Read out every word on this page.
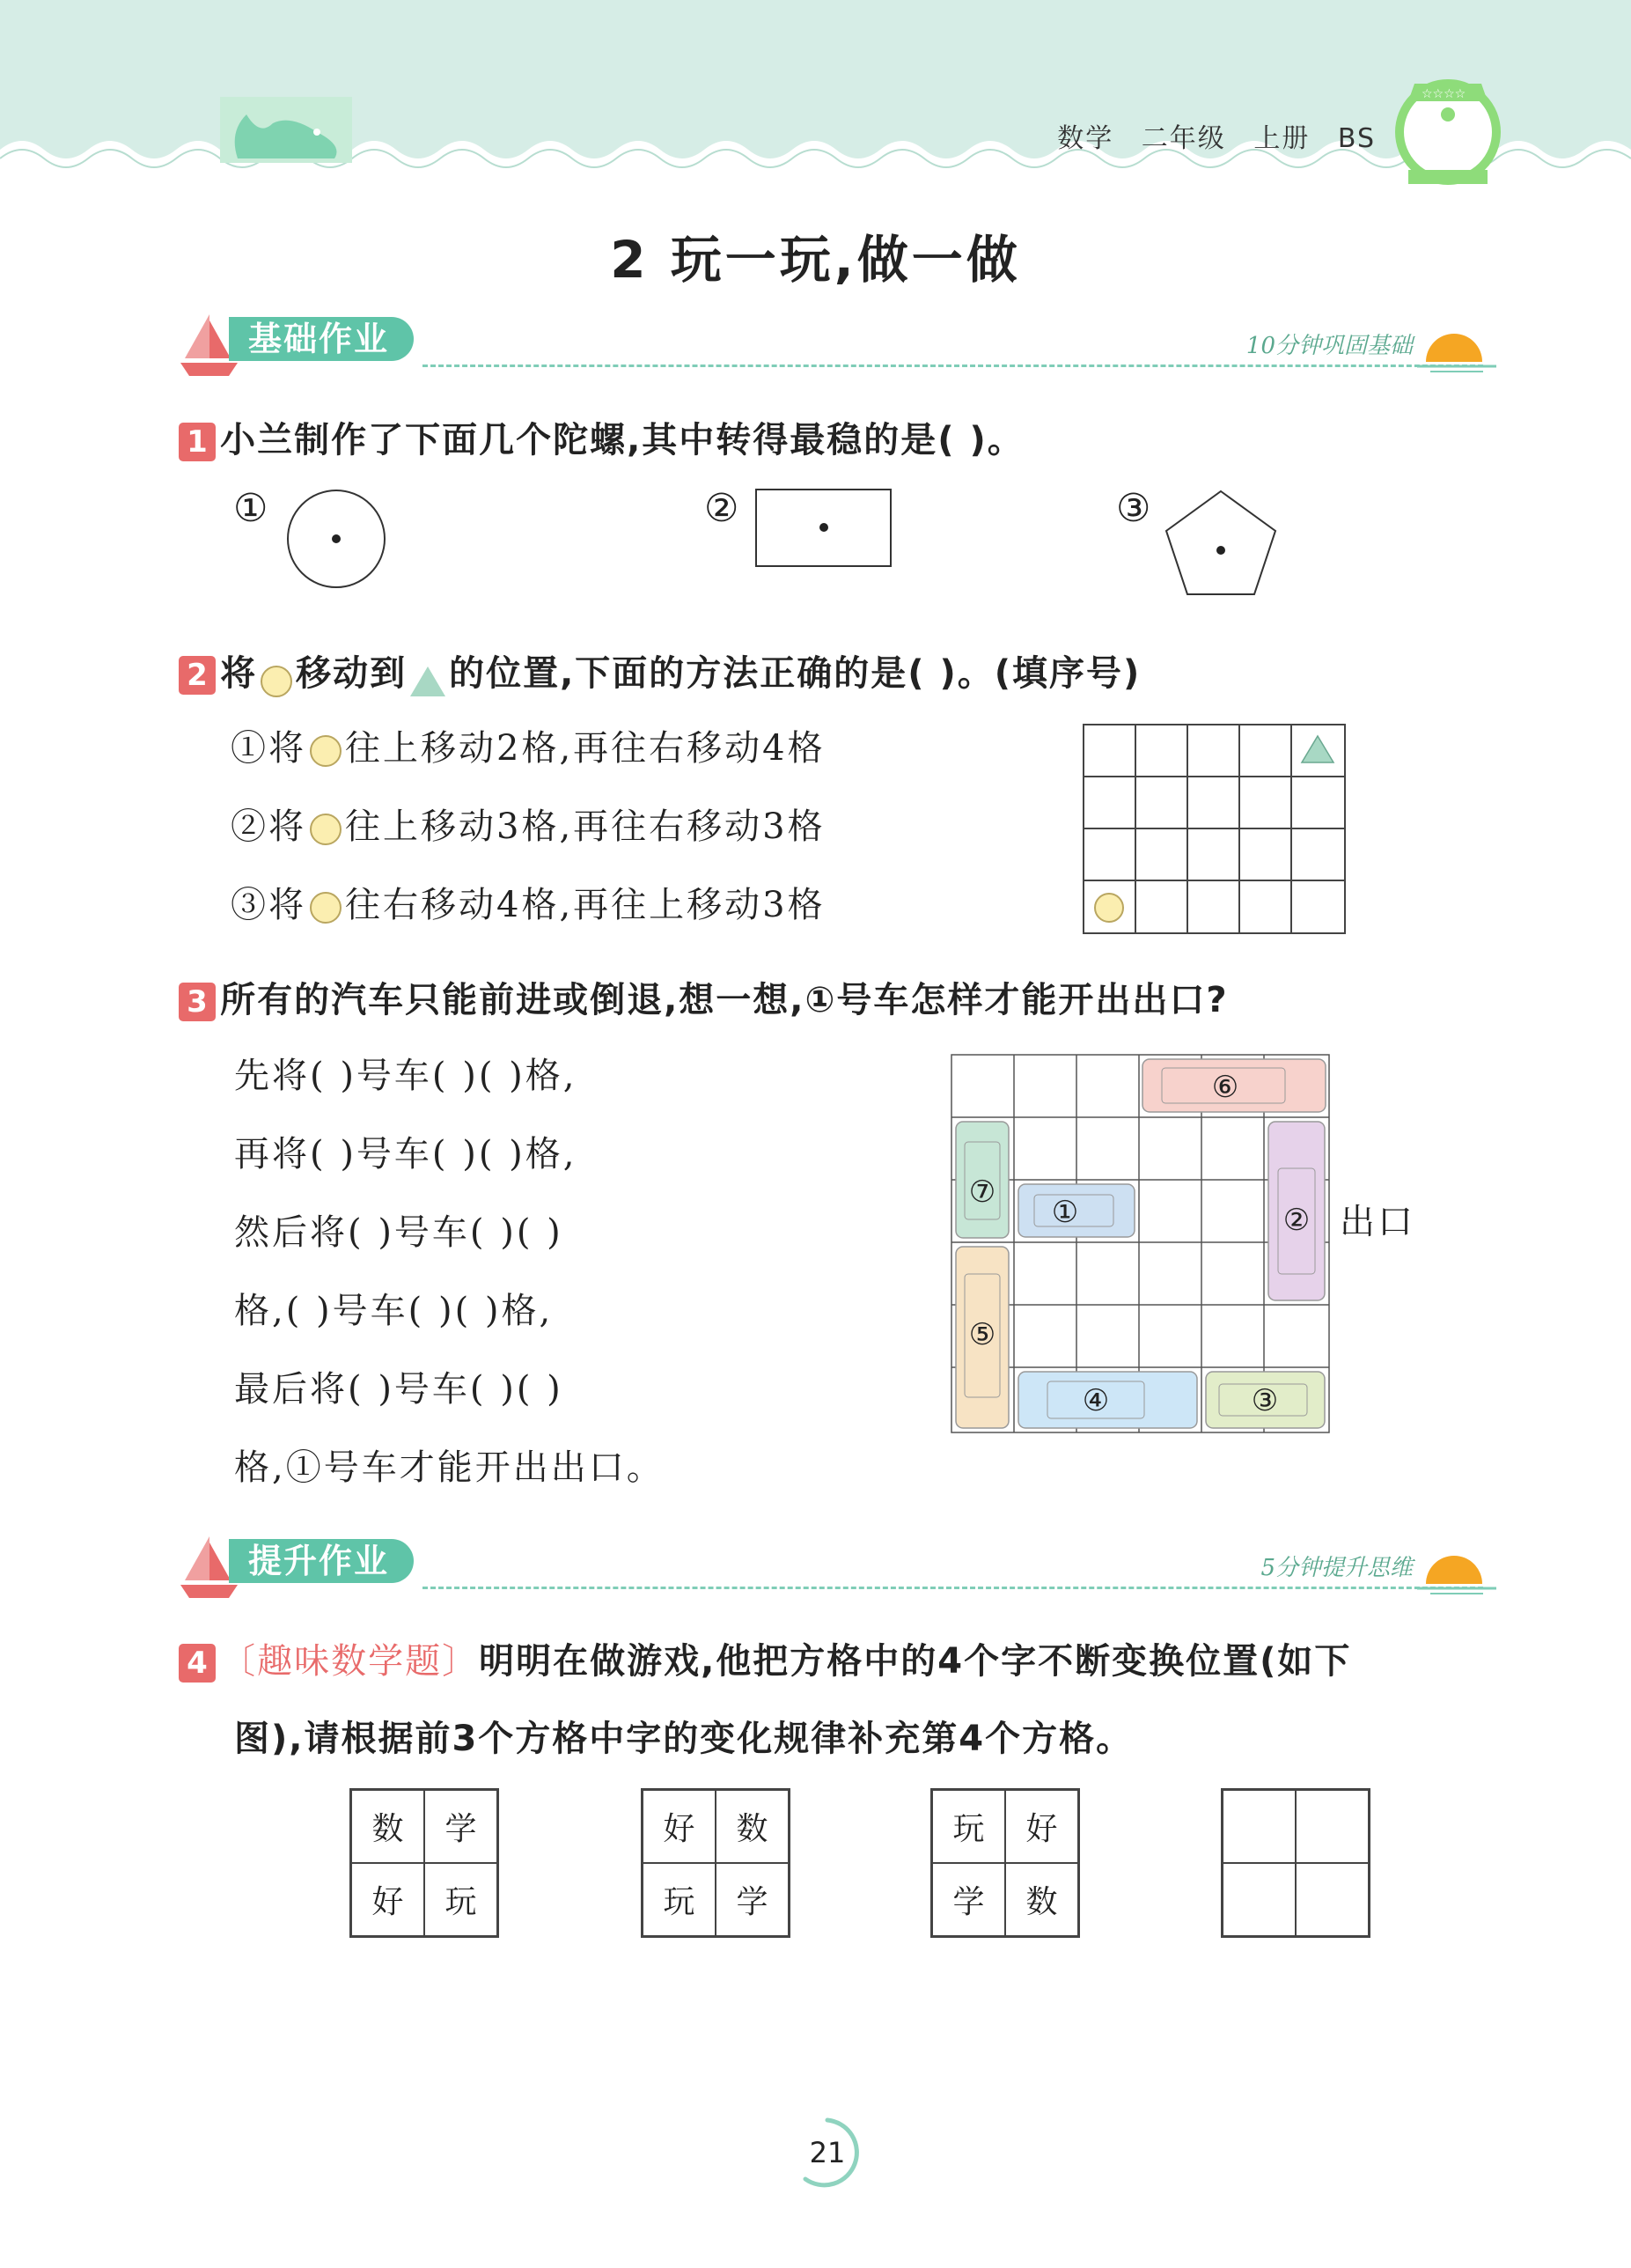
数学 二年级 上册 BS
☆☆☆☆
2 玩一玩,做一做
基础作业	10分钟巩固基础
1 小兰制作了下面几个陀螺,其中转得最稳的是( )。
①	②	③
2 将 移动到 的位置,下面的方法正确的是( )。(填序号)
①将 往上移动2格,再往右移动4格
②将 往上移动3格,再往右移动3格
③将 往右移动4格,再往上移动3格
3 所有的汽车只能前进或倒退,想一想,①号车怎样才能开出出口?
先将( )号车( )( )格,
再将( )号车( )( )格,
然后将( )号车( )( )
格,( )号车( )( )格,
最后将( )号车( )( )
格,①号车才能开出出口。
⑥
⑦
①	②
⑤
④	③
出口
提升作业	5分钟提升思维
4 〔趣味数学题〕明明在做游戏,他把方格中的4个字不断变换位置(如下
图),请根据前3个方格中字的变化规律补充第4个方格。
数	学
好	玩
好	数
玩	学
玩	好
学	数
21
